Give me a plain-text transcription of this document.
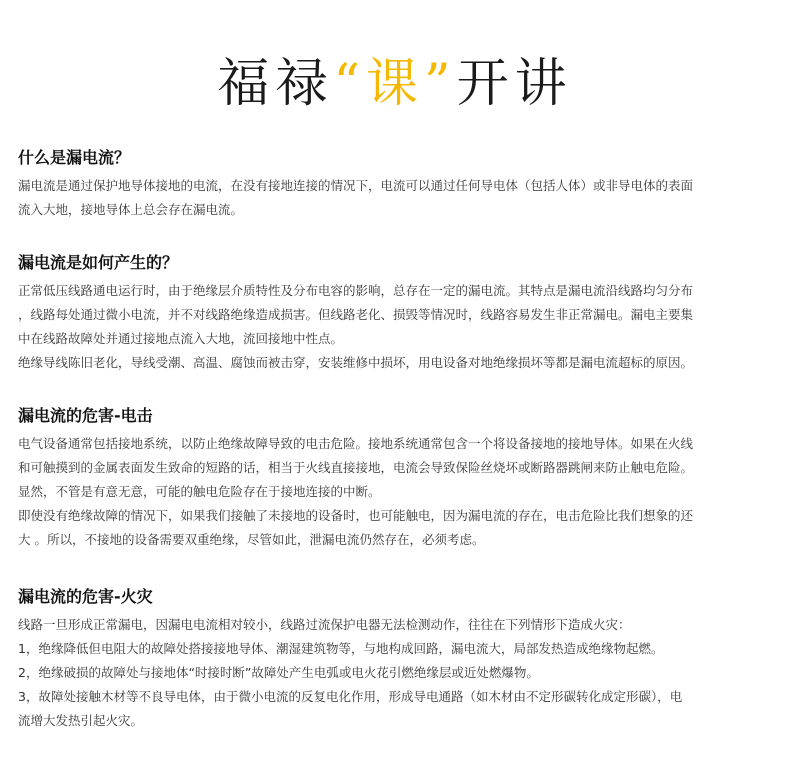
福禄“课”开讲
什么是漏电流？

漏电流是通过保护地导体接地的电流，在没有接地连接的情况下，电流可以通过任何导电体（包括人体）或非导电体的表面

流入大地，接地导体上总会存在漏电流。

漏电流是如何产生的？

正常低压线路通电运行时，由于绝缘层介质特性及分布电容的影响，总存在一定的漏电流。其特点是漏电流沿线路均匀分布

，线路每处通过微小电流，并不对线路绝缘造成损害。但线路老化、损毁等情况时，线路容易发生非正常漏电。漏电主要集

中在线路故障处并通过接地点流入大地，流回接地中性点。

绝缘导线陈旧老化，导线受潮、高温、腐蚀而被击穿，安装维修中损坏，用电设备对地绝缘损坏等都是漏电流超标的原因。

漏电流的危害-电击

电气设备通常包括接地系统，以防止绝缘故障导致的电击危险。接地系统通常包含一个将设备接地的接地导体。如果在火线

和可触摸到的金属表面发生致命的短路的话，相当于火线直接接地，电流会导致保险丝烧坏或断路器跳闸来防止触电危险。

显然，不管是有意无意，可能的触电危险存在于接地连接的中断。

即使没有绝缘故障的情况下，如果我们接触了未接地的设备时，也可能触电，因为漏电流的存在，电击危险比我们想象的还

大 。所以，不接地的设备需要双重绝缘，尽管如此，泄漏电流仍然存在，必须考虑。

漏电流的危害-火灾

线路一旦形成正常漏电，因漏电电流相对较小，线路过流保护电器无法检测动作，往往在下列情形下造成火灾：

1，绝缘降低但电阻大的故障处搭接接地导体、潮湿建筑物等，与地构成回路，漏电流大，局部发热造成绝缘物起燃。

2，绝缘破损的故障处与接地体“时接时断”故障处产生电弧或电火花引燃绝缘层或近处燃爆物。

3，故障处接触木材等不良导电体，由于微小电流的反复电化作用，形成导电通路（如木材由不定形碳转化成定形碳），电

流增大发热引起火灾。
